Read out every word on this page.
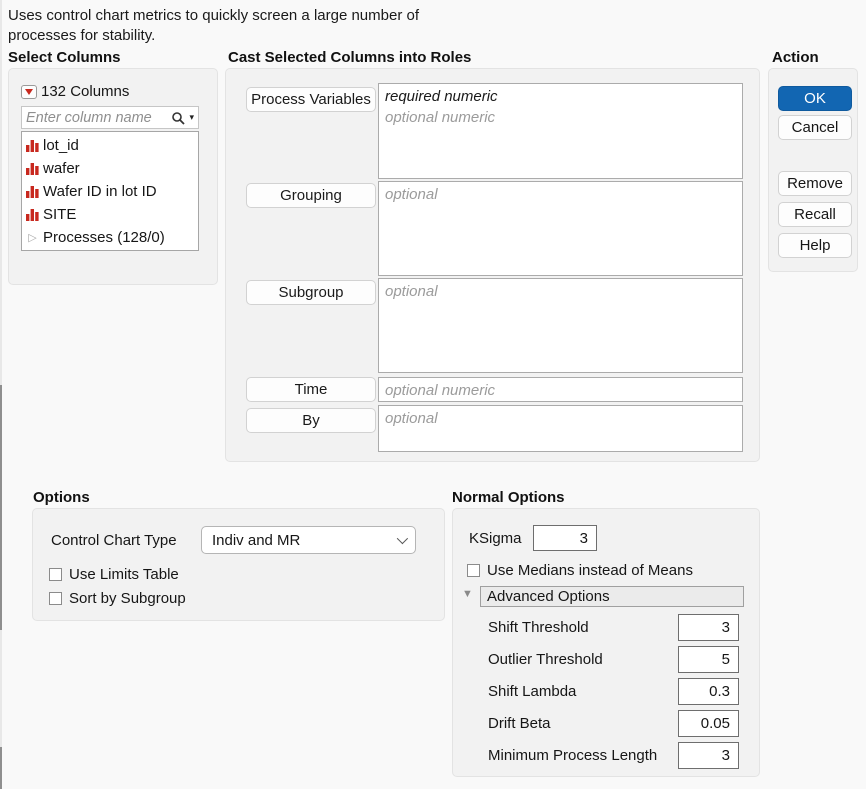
Uses control chart metrics to quickly screen a large number of
processes for stability.
Select Columns	Cast Selected Columns into Roles	Action
Options	Normal Options
132 Columns
Enter column name	▾
lot_id
wafer
Wafer ID in lot ID
SITE
▷ Processes (128/0)
Process Variables required numeric
optional numeric
Grouping	optional
Subgroup	optional
Time	optional numeric
By	optional
OK
Cancel
Remove
Recall
Help
Control Chart Type Indiv and MR
Use Limits Table
Sort by Subgroup
KSigma	3
Use Medians instead of Means
▼ Advanced Options
Shift Threshold	3
Outlier Threshold	5
Shift Lambda	0.3
Drift Beta	0.05
Minimum Process Length	3
